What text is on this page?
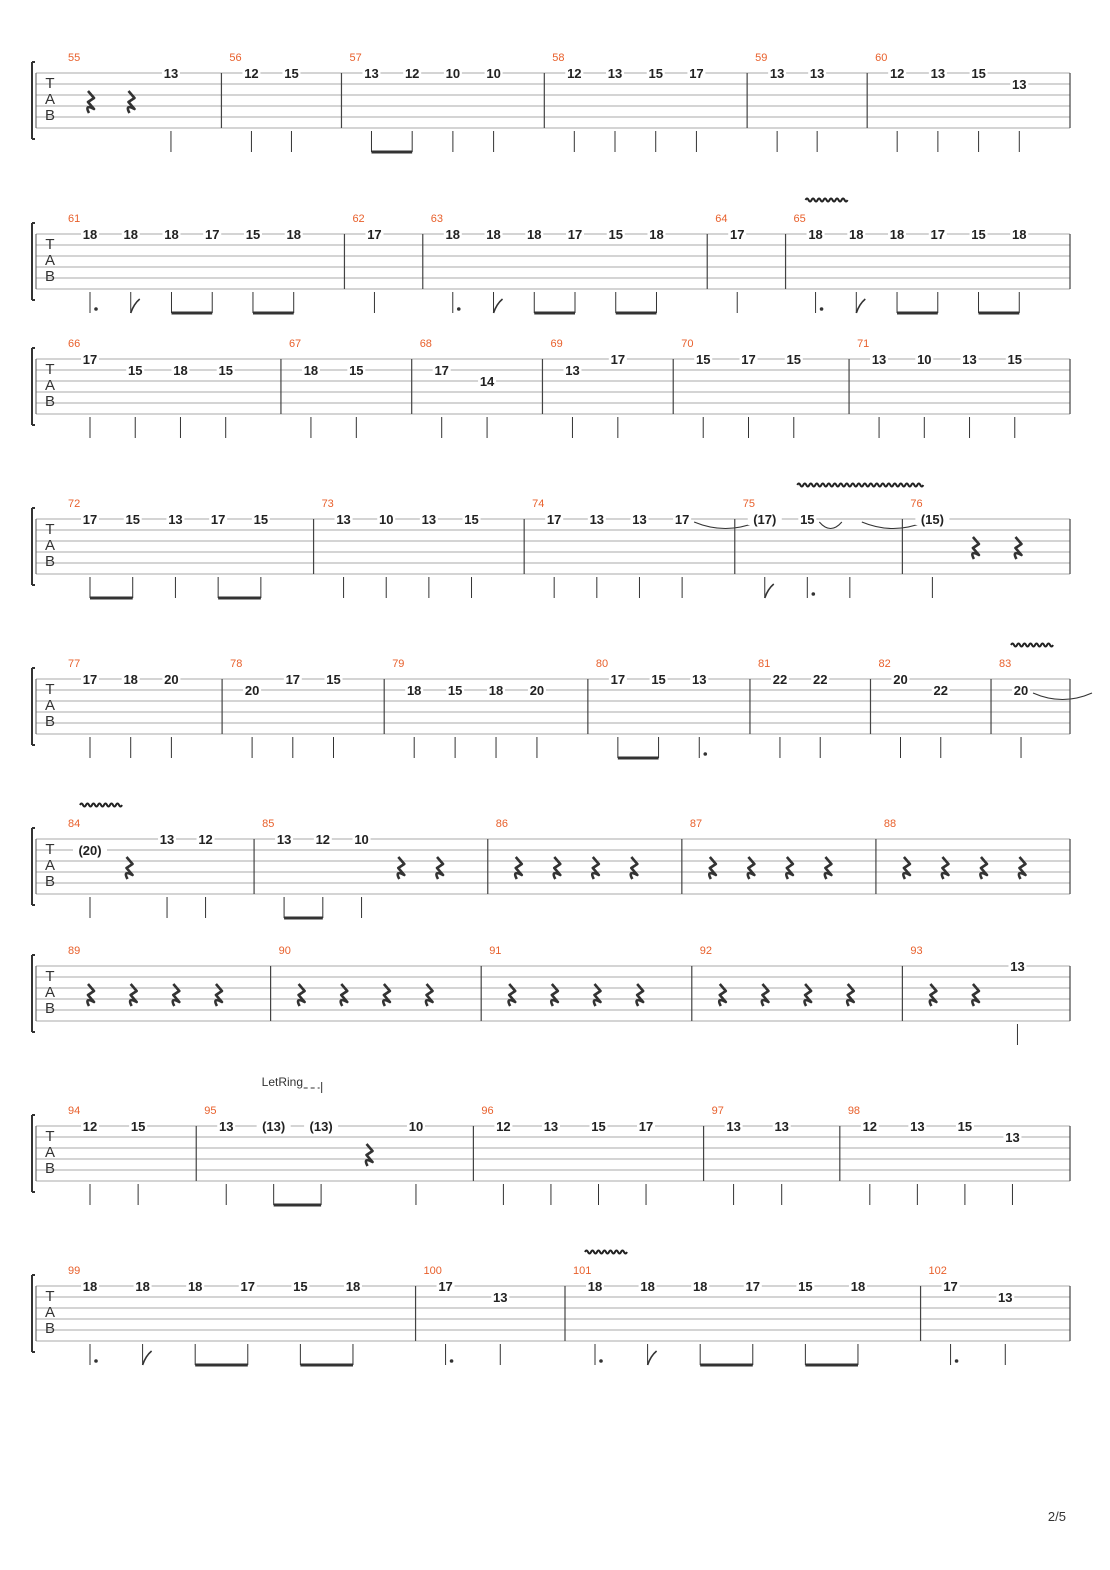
T
A
B
55
13
56
12 15
57
13 12 10 10
58
12 13 15 17
59
13 13
60
12 13 15
13
T
A
B
61
18 18 18 17 15 18
62
17
63
18 18 18 17 15 18
64
17
65
18 18 18 17 15 18
T
A
B
66
17
15 18 15
67
18 15
68
17
14
69
13
17
70
15 17 15
71
13 10 13 15
T
A
B
72
17 15 13 17 15
73
13 10 13 15
74
17 13 13 17
75
(17) 15
76
(15)
T
A
B
77
17 18 20
78
20
17 15
79
18 15 18 20
80
17 15 13
81
22 22
82
20
22
83
20
T
A
B
84
(20)
13 12
85
13 12 10
86	87	88
T
A
B
89	90	91	92	93
13
T
A
B
94
12	15
95
13 (13)
LetRing
(13)	10
96
12	13	15	17
97
13	13
98
12	13	15
13
T
A
B
99
18	18	18	17	15	18
100
17
13
101
18	18	18	17	15	18
102
17
13
2/5
